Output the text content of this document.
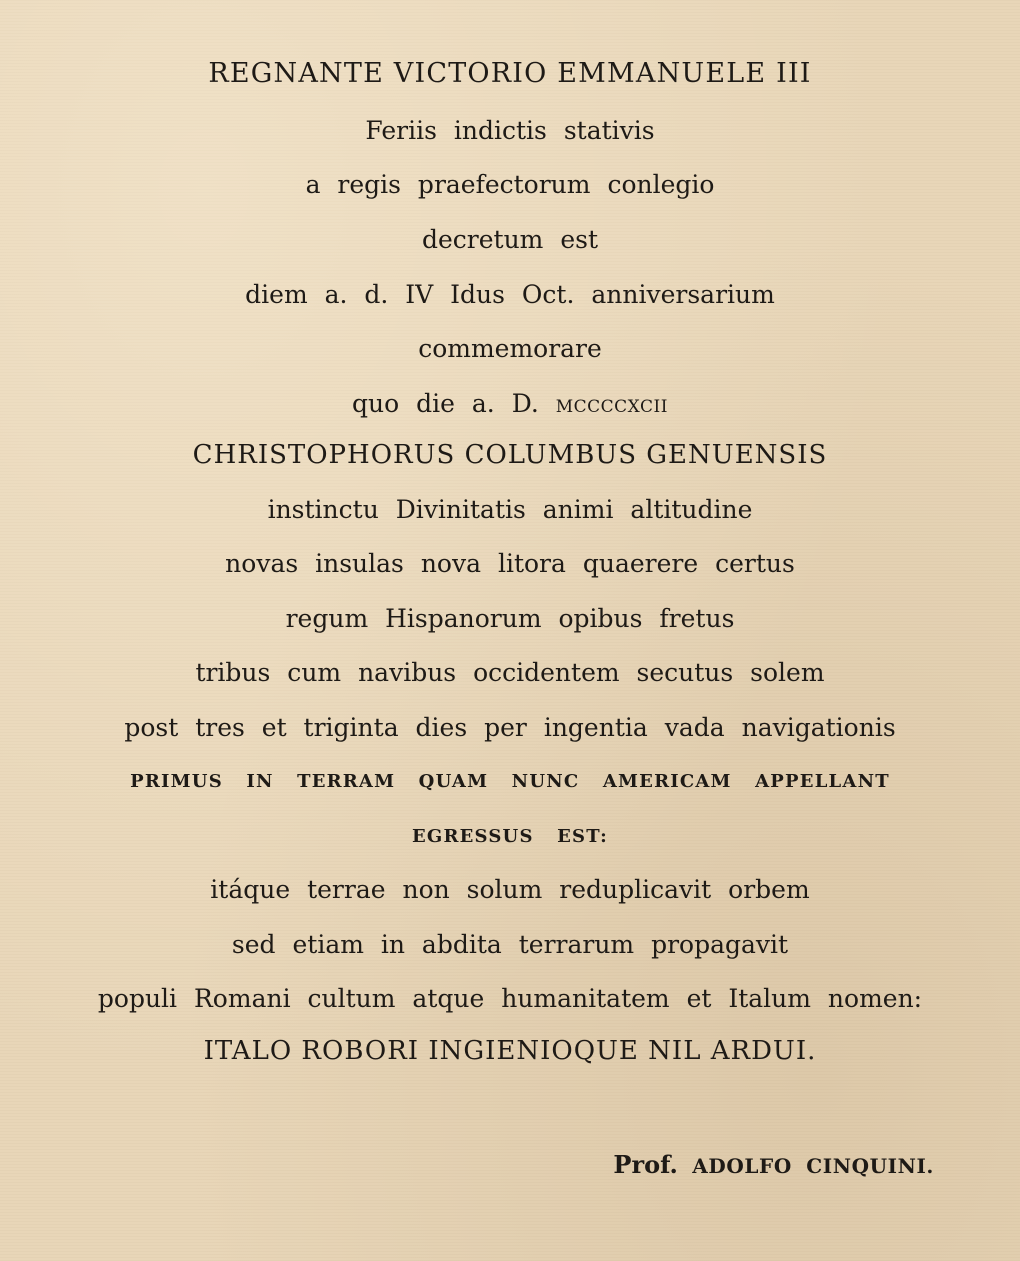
REGNANTE VICTORIO EMMANUELE III
Feriis indictis stativis
a regis praefectorum conlegio
decretum est
diem a. d. IV Idus Oct. anniversarium
commemorare
quo die a. D. MCCCCXCII
CHRISTOPHORUS COLUMBUS GENUENSIS
instinctu Divinitatis animi altitudine
novas insulas nova litora quaerere certus
regum Hispanorum opibus fretus
tribus cum navibus occidentem secutus solem
post tres et triginta dies per ingentia vada navigationis
PRIMUS IN TERRAM QUAM NUNC AMERICAM APPELLANT
EGRESSUS EST:
itáque terrae non solum reduplicavit orbem
sed etiam in abdita terrarum propagavit
populi Romani cultum atque humanitatem et Italum nomen:
ITALO ROBORI INGIENIOQUE NIL ARDUI.
Prof. ADOLFO CINQUINI.
